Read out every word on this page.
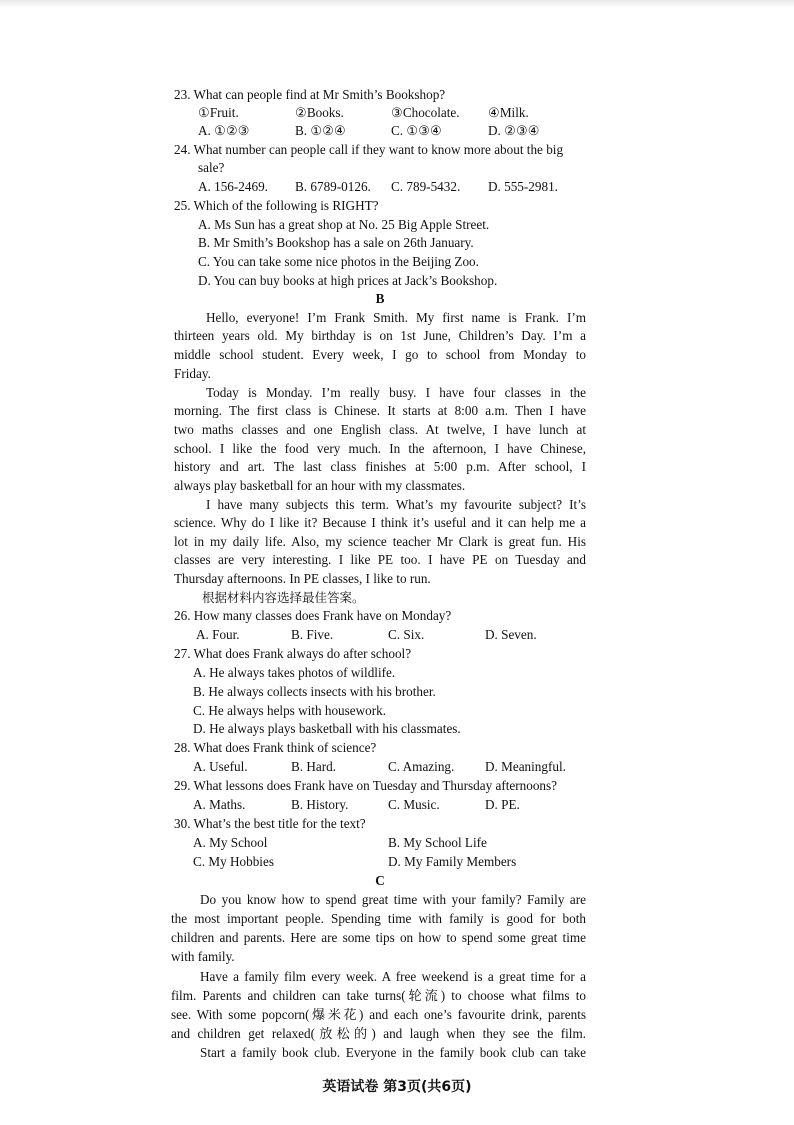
23. What can people find at Mr Smith’s Bookshop?
①Fruit.	②Books.	③Chocolate. ④Milk.
A. ①②③	B. ①②④	C. ①③④	D. ②③④
24. What number can people call if they want to know more about the big
sale?
A. 156-2469. B. 6789-0126. C. 789-5432. D. 555-2981.
25. Which of the following is RIGHT?
A. Ms Sun has a great shop at No. 25 Big Apple Street.
B. Mr Smith’s Bookshop has a sale on 26th January.
C. You can take some nice photos in the Beijing Zoo.
D. You can buy books at high prices at Jack’s Bookshop.
B
Hello, everyone! I’m Frank Smith. My first name is Frank. I’m
thirteen years old. My birthday is on 1st June, Children’s Day. I’m a
middle school student. Every week, I go to school from Monday to
Friday.
Today is Monday. I’m really busy. I have four classes in the
morning. The first class is Chinese. It starts at 8:00 a.m. Then I have
two maths classes and one English class. At twelve, I have lunch at
school. I like the food very much. In the afternoon, I have Chinese,
history and art. The last class finishes at 5:00 p.m. After school, I
always play basketball for an hour with my classmates.
I have many subjects this term. What’s my favourite subject? It’s
science. Why do I like it? Because I think it’s useful and it can help me a
lot in my daily life. Also, my science teacher Mr Clark is great fun. His
classes are very interesting. I like PE too. I have PE on Tuesday and
Thursday afternoons. In PE classes, I like to run.
根据材料内容选择最佳答案。
26. How many classes does Frank have on Monday?
A. Four.	B. Five.	C. Six.	D. Seven.
27. What does Frank always do after school?
A. He always takes photos of wildlife.
B. He always collects insects with his brother.
C. He always helps with housework.
D. He always plays basketball with his classmates.
28. What does Frank think of science?
A. Useful.	B. Hard.	C. Amazing. D. Meaningful.
29. What lessons does Frank have on Tuesday and Thursday afternoons?
A. Maths.	B. History.	C. Music.	D. PE.
30. What’s the best title for the text?
A. My School	B. My School Life
C. My Hobbies	D. My Family Members
C
Do you know how to spend great time with your family? Family are
the most important people. Spending time with family is good for both
children and parents. Here are some tips on how to spend some great time
with family.
Have a family film every week. A free weekend is a great time for a
film. Parents and children can take turns(轮流) to choose what films to
see. With some popcorn(爆米花) and each one’s favourite drink, parents
and children get relaxed(放松的) and laugh when they see the film.
Start a family book club. Everyone in the family book club can take
英语试卷 第3页(共6页)
